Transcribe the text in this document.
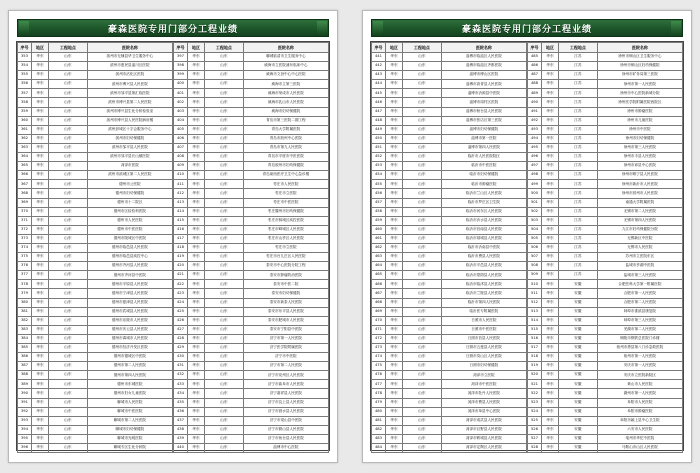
豪森医院专用门部分工程业绩
序号	地区	工程地点	医院名称
353	华东	山东	滨州市无棣县华卫生服务中心
354	华东	山东	滨州市惠民县淄川区医院
355	华东	山东	滨州市沾化区医院
356	华东	山东	滨州市博兴县人民医院
357	华东	山东	滨州市邹平县第汇临医院
358	华东	山东	滨州市博兴县第二人民医院
359	华东	山东	滨州市博兴县生化分析检验室
360	华东	山东	滨州市博兴县人民医院病房楼
361	华东	山东	滨州彭城区十字会服务中心
362	华东	山东	滨州市妇幼保健院
363	华东	山东	滨州市邹平县人民医院
364	华东	山东	滨州市邹平县长山镇医院
365	华东	山东	菏泽市医院
366	华东	山东	滨州市滨城区第二人民医院
367	华东	山东	德州市公医院
368	华东	山东	德州市妇幼保健院
369	华东	山东	德州市十二院区
370	华东	山东	德州市区检验科医院
371	华东	山东	德州市人民医院
372	华东	山东	德州市中医医院
373	华东	山东	德州市陵城区中医院
374	华东	山东	德州市临邑县人民医院
375	华东	山东	德州市临邑县疾控中心
376	华东	山东	德州市齐河县人民医院
377	华东	山东	德州市齐河县中医院
378	华东	山东	德州市平原县人民医院
379	华东	山东	德州市宁津县人民医院
380	华东	山东	德州市夏津县人民医院
381	华东	山东	德州市武城县人民医院
382	华东	山东	德州市乐陵市人民医院
383	华东	山东	德州市庆云县人民医院
384	华东	山东	德州市禹城市人民医院
385	华东	山东	德州市经济开发区医院
386	华东	山东	德州市德城区中医院
387	华东	山东	德州市第二人民医院
388	华东	山东	德州市第四人民医院
389	华东	山东	德州市东城医院
390	华东	山东	德州市妇女儿童医院
391	华东	山东	聊城市人民医院
392	华东	山东	聊城市中医医院
393	华东	山东	聊城市第二人民医院
394	华东	山东	聊城市妇幼保健院
395	华东	山东	聊城市光明医院
396	华东	山东	聊城专区生化分析院
序号	地区	工程地点	医院名称
397	华东	山东	聊城临清市卫生服务中心
398	华东	山东	威海市立医院浦东临床中心
399	华东	山东	威海市文登中心中心医院
400	华东	山东	威海市立第三医院
401	华东	山东	威海市荣成市人民医院
402	华东	山东	威海市乳山市人民医院
403	华东	山东	威海市妇幼保健院
404	华东	山东	青岛市第三医院二期工程
405	华东	山东	青岛大学附属医院
406	华东	山东	青岛市胶州中心医院
407	华东	山东	青岛市第九人民医院
408	华东	山东	青岛市平度市中医医院
409	华东	山东	青岛胶州市妇幼保健院
410	华东	山东	青岛莱西医疗卫生中心急诊楼
411	华东	山东	枣庄市人民医院
412	华东	山东	枣庄市立医院
413	华东	山东	枣庄市中医医院
414	华东	山东	枣庄滕州市妇幼保健院
415	华东	山东	枣庄市薛城区疾控医院
416	华东	山东	枣庄市峄城区人民医院
417	华东	山东	枣庄市山亭区人民医院
418	华东	山东	枣庄市立医院
419	华东	山东	枣庄市台儿庄区人民医院
420	华东	山东	泰安市中心医院分院工程
421	华东	山东	泰安市肿瘤防治医院
422	华东	山东	泰安市中医二院
423	华东	山东	泰安市妇幼保健院
424	华东	山东	泰安市新泰人民医院
425	华东	山东	泰安市东平县人民医院
426	华东	山东	泰安市肥城市人民医院
427	华东	山东	泰安市宁阳县中医院
428	华东	山东	济宁市第一人民医院
429	华东	山东	济宁医学院附属医院
430	华东	山东	济宁市中医院
431	华东	山东	济宁市第二人民医院
432	华东	山东	济宁市兖州区人民医院
433	华东	山东	济宁市曲阜市人民医院
434	华东	山东	济宁嘉祥县人民医院
435	华东	山东	济宁市汶上县人民医院
436	华东	山东	济宁市泗水县人民医院
437	华东	山东	济宁市梁山县中医院
438	华东	山东	济宁市微山县人民医院
439	华东	山东	济宁市鱼台县人民医院
440	华东	山东	淄博市中心医院
豪森医院专用门部分工程业绩
序号	地区	工程地点	医院名称
441	华东	山东	淄博市临淄区人民医院
442	华东	山东	淄博市临淄区齐都医院
443	华东	山东	淄博市博山区医院
444	华东	山东	淄博市高青县人民医院
445	华东	山东	淄博市沂源县中医院
446	华东	山东	淄博市周村区医院
447	华东	山东	淄博市桓台县人民医院
448	华东	山东	淄博市张店区第三医院
449	华东	山东	淄博市妇幼保健院
450	华东	山东	淄博市第一医院
451	华东	山东	淄博市第四人民医院
452	华东	山东	临沂市人民医院院区
453	华东	山东	临沂市中医医院
454	华东	山东	临沂市妇幼保健院
455	华东	山东	临沂市肿瘤医院
456	华东	山东	临沂市兰山区人民医院
457	华东	山东	临沂市罗庄区卫生院
458	华东	山东	临沂市河东区人民医院
459	华东	山东	临沂市沂水县人民医院
460	华东	山东	临沂市莒南县人民医院
461	华东	山东	临沂市郯城县人民医院
462	华东	山东	临沂市沂南县中医院
463	华东	山东	临沂市费县人民医院
464	华东	山东	临沂市平邑县人民医院
465	华东	山东	临沂市蒙阴县人民医院
466	华东	山东	临沂市临沭县人民医院
467	华东	山东	临沂市兰陵县人民医院
468	华东	山东	临沂市第四人民医院
469	华东	山东	临沂医专附属医院
470	华东	山东	日照市人民医院
471	华东	山东	日照市中医医院
472	华东	山东	日照市莒县人民医院
473	华东	山东	日照市五莲县人民医院
474	华东	山东	日照市岚山区人民医院
475	华东	山东	日照市妇幼保健院
476	华东	山东	菏泽市立医院
477	华东	山东	菏泽市中医医院
478	华东	山东	菏泽市牡丹人民医院
479	华东	山东	菏泽市曹县人民医院
480	华东	山东	菏泽市单县中心医院
481	华东	山东	菏泽市成武县人民医院
482	华东	山东	菏泽市巨野县人民医院
483	华东	山东	菏泽市郓城县人民医院
484	华东	山东	菏泽市定陶区人民医院
序号	地区	工程地点	医院名称
485	华东	江苏	徐州市铜山区卫生服务中心
486	华东	江苏	徐州市铜山区妇幼保健院
487	华东	江苏	徐州市矿务局第三医院
488	华东	江苏	徐州市第一人民医院
489	华东	江苏	徐州市中心医院新城分院
490	华东	江苏	徐州医学院附属医院西院区
491	华东	江苏	徐州市肿瘤医院
492	华东	江苏	徐州市儿童医院
493	华东	江苏	徐州市中医院
494	华东	江苏	徐州市妇幼保健院
495	华东	江苏	徐州市第三人民医院
496	华东	江苏	徐州市丰县人民医院
497	华东	江苏	徐州市沛县中心医院
498	华东	江苏	徐州市睢宁县人民医院
499	华东	江苏	徐州市新沂市人民医院
500	华东	江苏	徐州市邳州市人民医院
501	华东	江苏	南通大学附属医院
502	华东	江苏	无锡市第二人民医院
503	华东	江苏	无锡市第四人民医院
504	华东	江苏	九江市妇幼保健院分院
505	华东	江苏	无锡新区中医院
506	华东	江苏	无锡市人民医院
507	华东	江苏	苏州市立医院东区
508	华东	江苏	盐城市亭湖中医院
509	华东	江苏	盐城市第三人民医院
510	华东	安徽	合肥医科大学第一附属医院
511	华东	安徽	合肥市第一人民医院
512	华东	安徽	合肥市第二人民医院
513	华东	安徽	蚌埠市淮滨县康复院
514	华东	安徽	蚌埠市第三人民医院
515	华东	安徽	芜湖市第二人民医院
516	华东	安徽	铜陵市钢铁总医院门诊楼
517	华东	安徽	宿州市萧县第八门诊急救医院
518	华东	安徽	宿州市第一人民医院
519	华东	安徽	安庆市第一人民医院
520	华东	安徽	安庆市立医院新院区
521	华东	安徽	黄山市人民医院
522	华东	安徽	滁州市第一人民医院
523	华东	安徽	阜阳市人民医院
524	华东	安徽	阜阳市肿瘤医院
525	华东	安徽	阜阳市颍上县中心卫生院
526	华东	安徽	六安市人民医院
527	华东	安徽	亳州市华佗中医院
528	华东	安徽	马鞍山市山区人民医院
